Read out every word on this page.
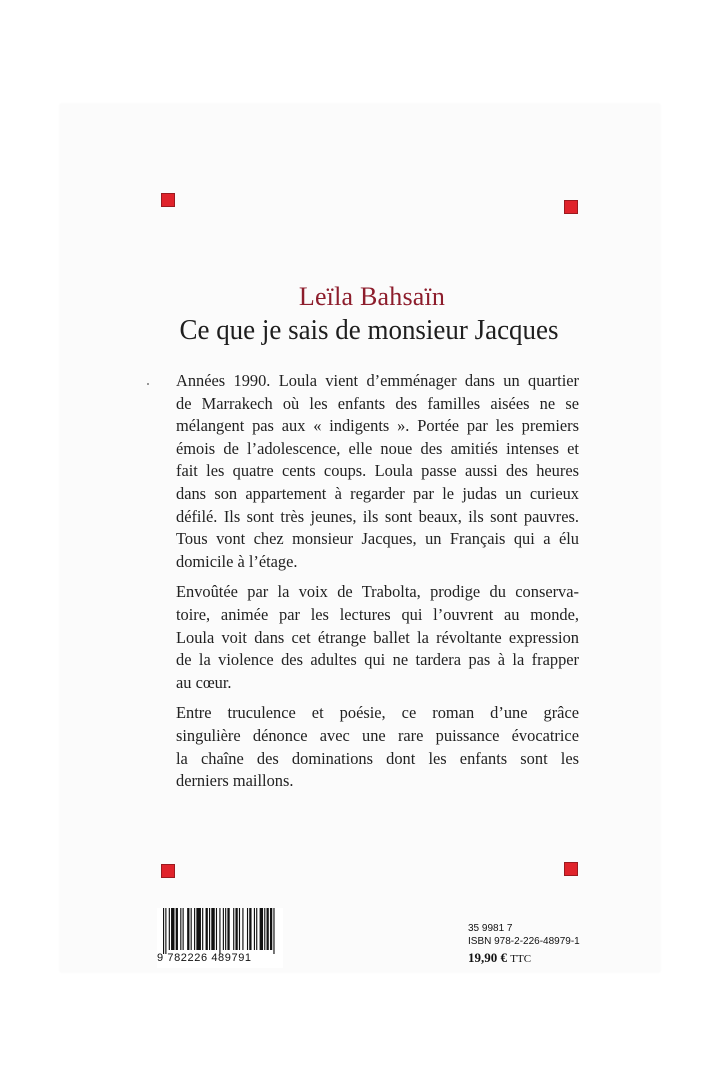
Leïla Bahsaïn
Ce que je sais de monsieur Jacques

Années 1990. Loula vient d’emménager dans un quartier
de Marrakech où les enfants des familles aisées ne se
mélangent pas aux « indigents ». Portée par les premiers
émois de l’adolescence, elle noue des amitiés intenses et
fait les quatre cents coups. Loula passe aussi des heures
dans son appartement à regarder par le judas un curieux
défilé. Ils sont très jeunes, ils sont beaux, ils sont pauvres.
Tous vont chez monsieur Jacques, un Français qui a élu
domicile à l’étage.

Envoûtée par la voix de Trabolta, prodige du conserva-
toire, animée par les lectures qui l’ouvrent au monde,
Loula voit dans cet étrange ballet la révoltante expression
de la violence des adultes qui ne tardera pas à la frapper
au cœur.

Entre truculence et poésie, ce roman d’une grâce
singulière dénonce avec une rare puissance évocatrice
la chaîne des dominations dont les enfants sont les
derniers maillons.

9 782226 489791
35 9981 7
ISBN 978-2-226-48979-1
19,90 € TTC
